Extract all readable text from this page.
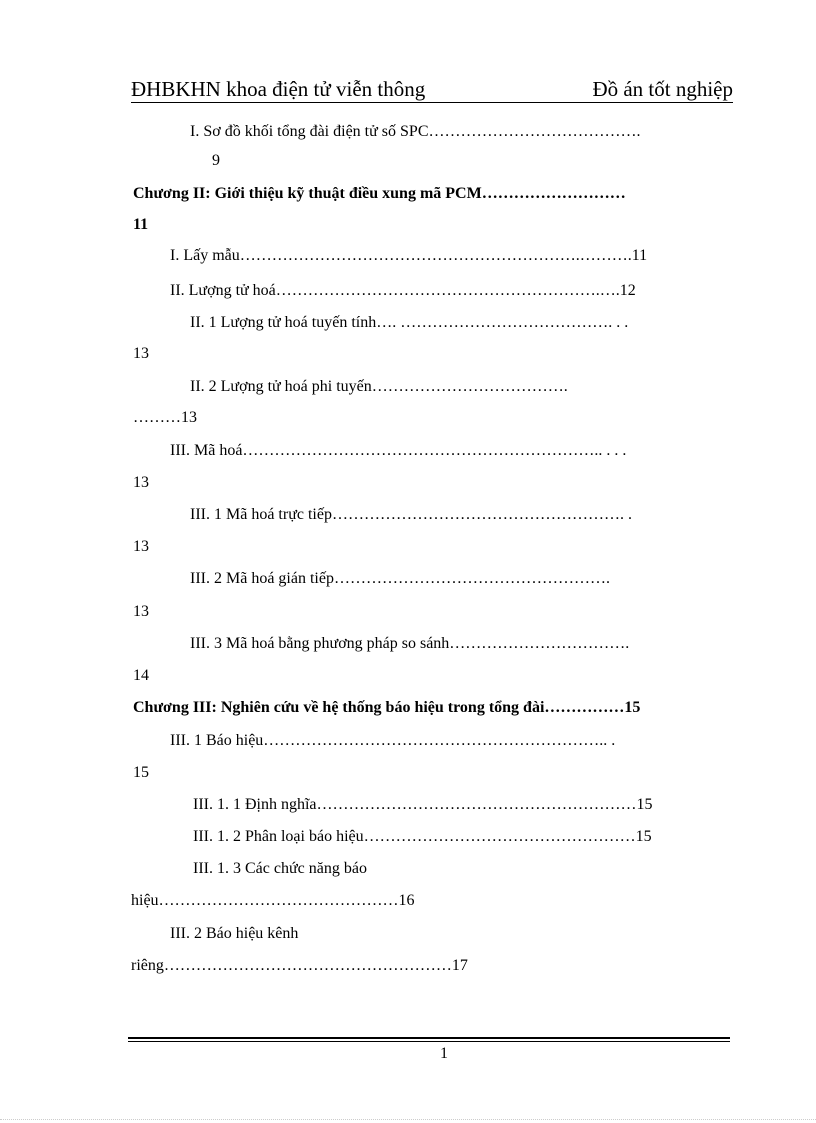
ĐHBKHN khoa điện tử viễn thông	Đồ án tốt nghiệp
I. Sơ đồ khối tổng đài điện tử số SPC………………………………….
9
Chương II: Giới thiệu kỹ thuật điều xung mã PCM………………………
11
I. Lấy mẫu……………………………………………………….……….11
II. Lượng tử hoá…………………………………………………….….12
II. 1 Lượng tử hoá tuyến tính…. …………………………………. . .
13
II. 2 Lượng tử hoá phi tuyến……………………………….
………13
III. Mã hoá………………………………………………………….. . . .
13
III. 1 Mã hoá trực tiếp………………………………………………. .
13
III. 2 Mã hoá gián tiếp…………………………………………….
13
III. 3 Mã hoá bằng phương pháp so sánh…………………………….
14
Chương III: Nghiên cứu về hệ thống báo hiệu trong tổng đài……………15
III. 1 Báo hiệu……………………………………………………….. .
15
III. 1. 1 Định nghĩa……………………………………………………15
III. 1. 2 Phân loại báo hiệu……………………………………………15
III. 1. 3 Các chức năng báo
hiệu………………………………………16
III. 2 Báo hiệu kênh
riêng………………………………………………17
1
